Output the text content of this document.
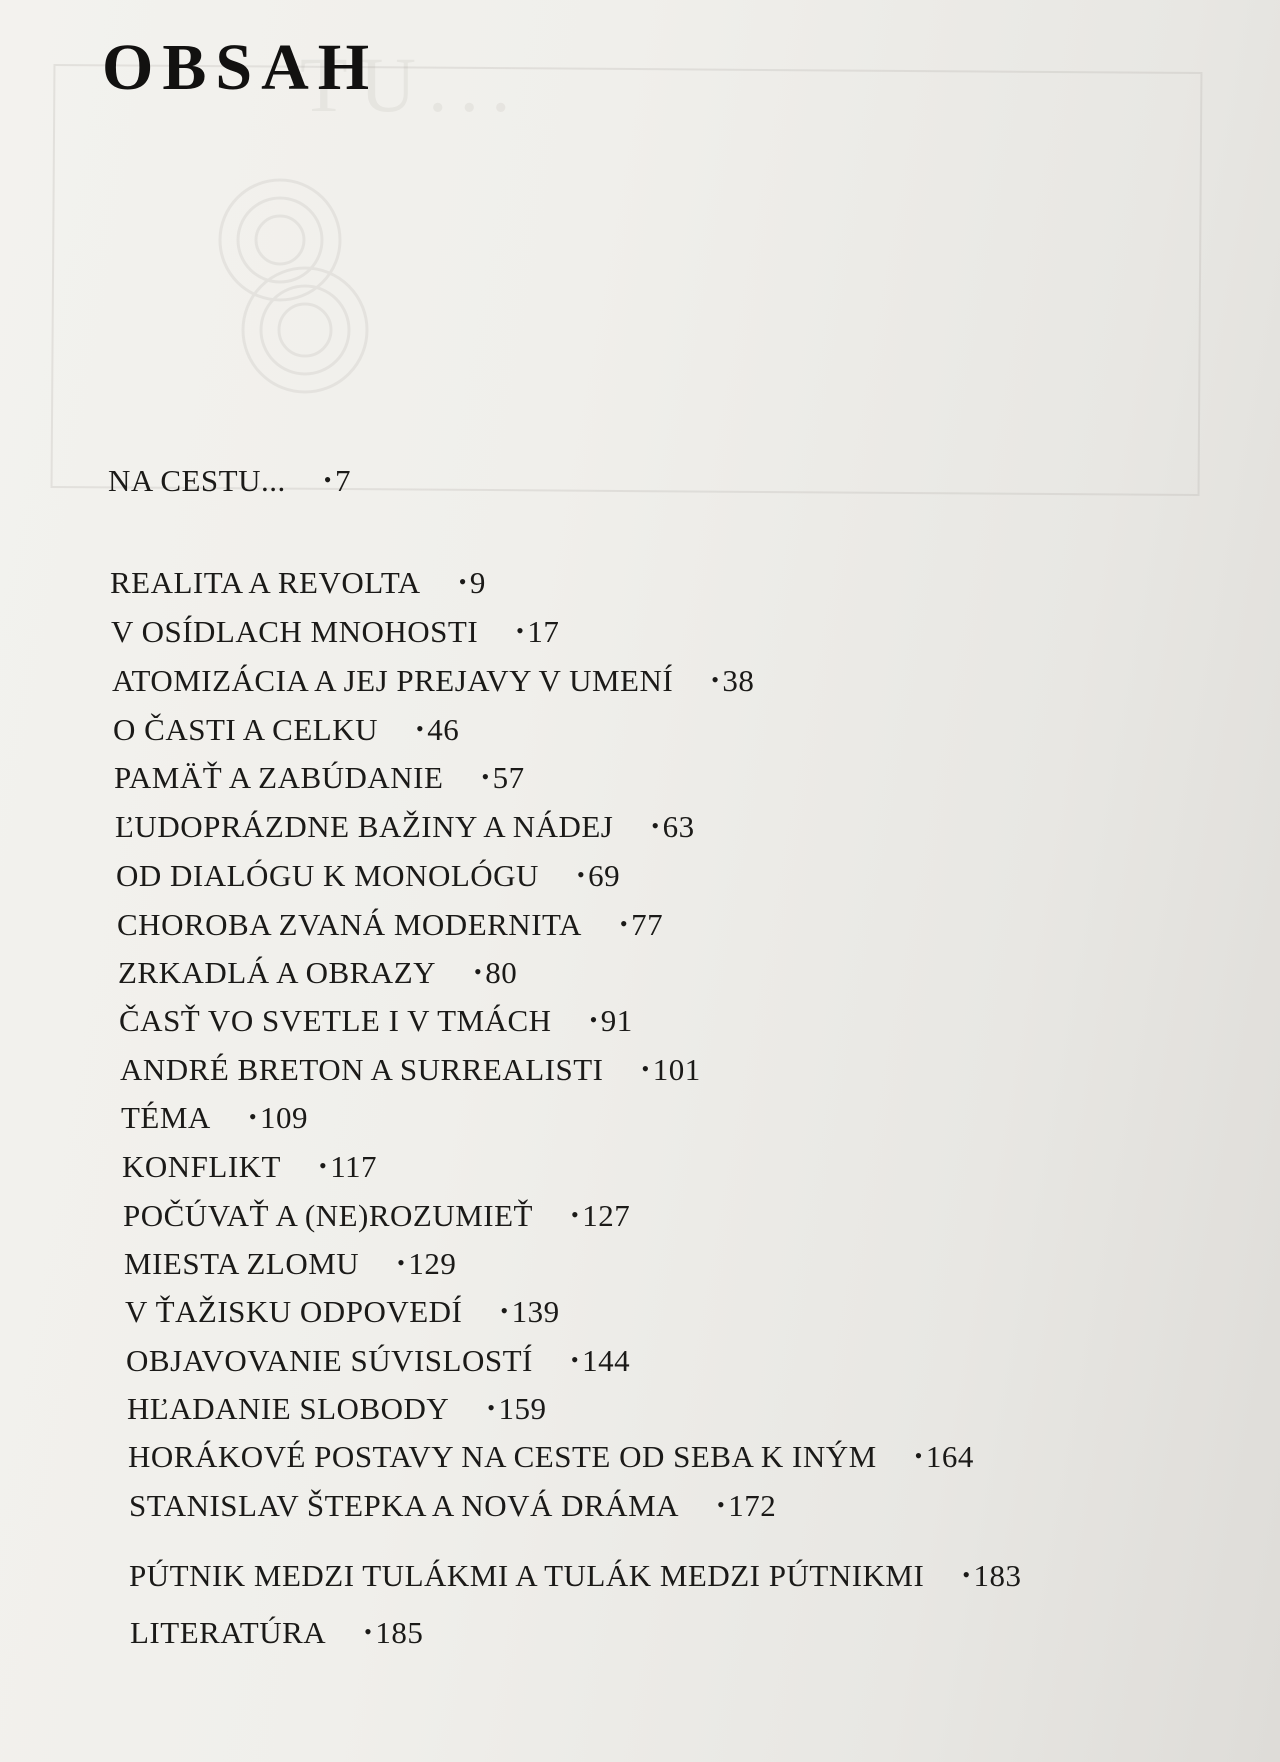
TU...
OBSAH
NA CESTU... •7
REALITA A REVOLTA •9
V OSÍDLACH MNOHOSTI •17
ATOMIZÁCIA A JEJ PREJAVY V UMENÍ •38
O ČASTI A CELKU •46
PAMÄŤ A ZABÚDANIE •57
ĽUDOPRÁZDNE BAŽINY A NÁDEJ •63
OD DIALÓGU K MONOLÓGU •69
CHOROBA ZVANÁ MODERNITA •77
ZRKADLÁ A OBRAZY •80
ČASŤ VO SVETLE I V TMÁCH •91
ANDRÉ BRETON A SURREALISTI •101
TÉMA •109
KONFLIKT •117
POČÚVAŤ A (NE)ROZUMIEŤ •127
MIESTA ZLOMU •129
V ŤAŽISKU ODPOVEDÍ •139
OBJAVOVANIE SÚVISLOSTÍ •144
HĽADANIE SLOBODY •159
HORÁKOVÉ POSTAVY NA CESTE OD SEBA K INÝM •164
STANISLAV ŠTEPKA A NOVÁ DRÁMA •172
PÚTNIK MEDZI TULÁKMI A TULÁK MEDZI PÚTNIKMI •183
LITERATÚRA •185
